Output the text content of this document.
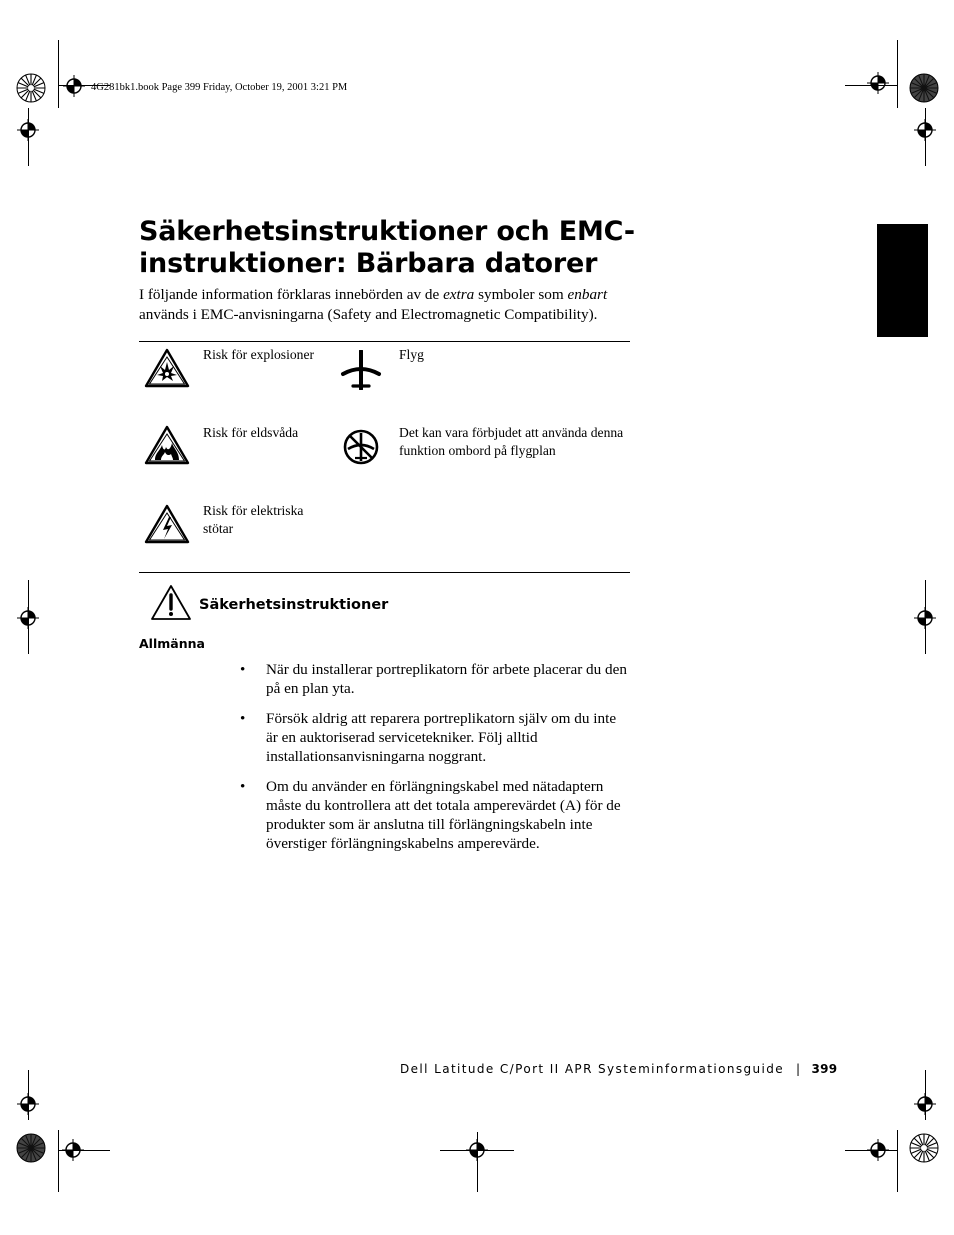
4G281bk1.book Page 399 Friday, October 19, 2001 3:21 PM
Säkerhetsinstruktioner och EMC-
instruktioner: Bärbara datorer

I följande information förklaras innebörden av de extra symboler som enbart används i EMC-anvisningarna (Safety and Electromagnetic Compatibility).

Risk för explosioner	Flyg

Risk för eldsvåda	Det kan vara förbjudet att använda denna funktion ombord på flygplan

Risk för elektriska stötar

Säkerhetsinstruktioner
Allmänna
• När du installerar portreplikatorn för arbete placerar du den på en plan yta.
• Försök aldrig att reparera portreplikatorn själv om du inte är en auktoriserad servicetekniker. Följ alltid installationsanvisningarna noggrant.
• Om du använder en förlängningskabel med nätadaptern måste du kontrollera att det totala amperevärdet (A) för de produkter som är anslutna till förlängningskabeln inte överstiger förlängningskabelns amperevärde.
Dell Latitude C/Port II APR Systeminformationsguide | 399
